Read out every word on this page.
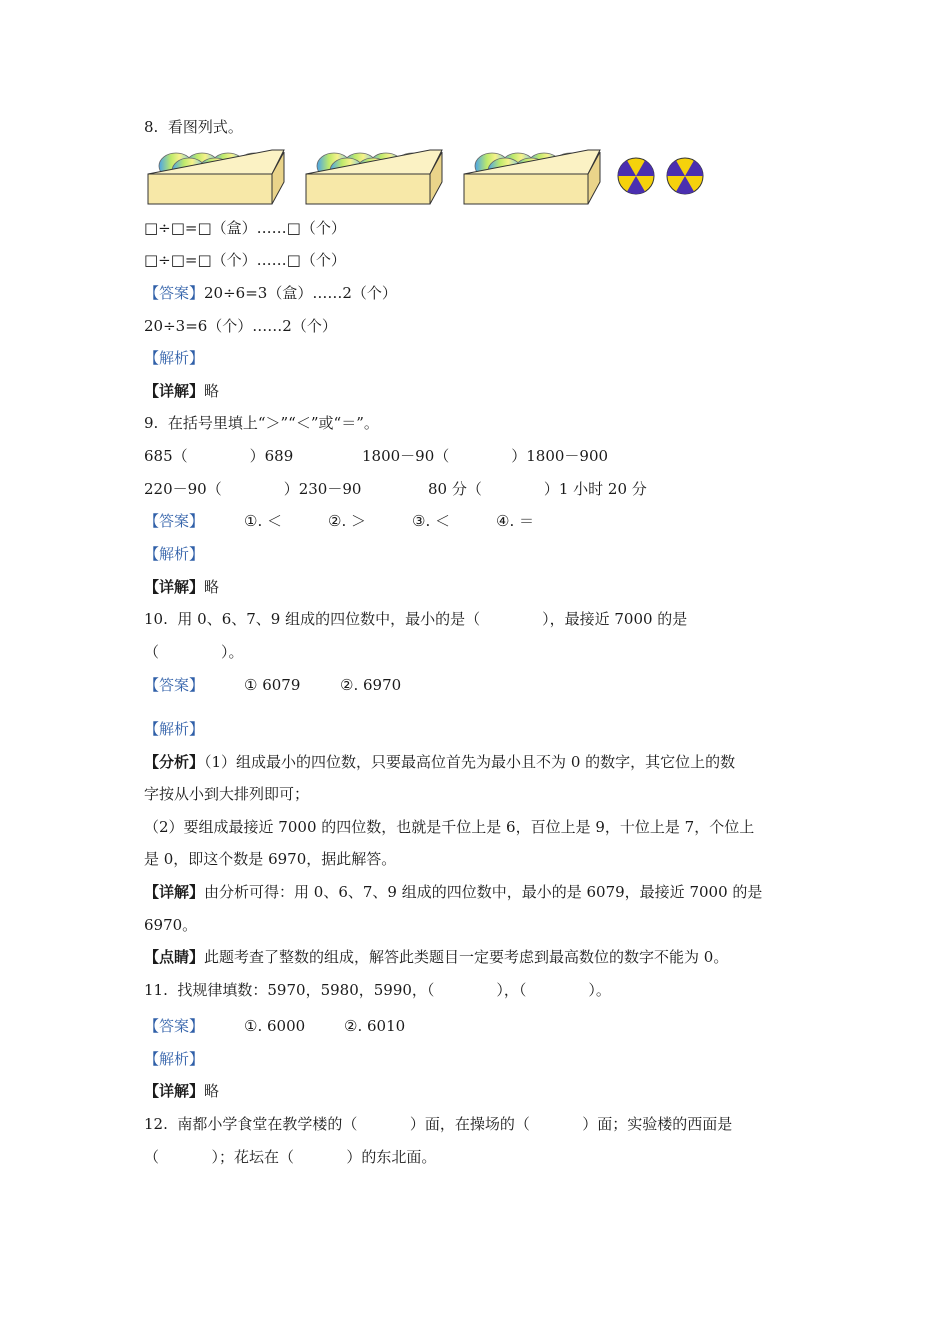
8.  看图列式。
□÷□=□（盒）……□（个）
□÷□=□（个）……□（个）
【答案】20÷6=3（盒）……2（个）
20÷3=6（个）……2（个）
【解析】
【详解】略
9.  在括号里填上“＞”“＜”或“＝”。
685（             ）689	1800－90（             ）1800－900
220－90（             ）230－90	80 分（             ）1 小时 20 分
【答案】	①. ＜	②. ＞	③. ＜	④. ＝
【解析】
【详解】略
10.  用 0、6、7、9 组成的四位数中，最小的是（             ），最接近 7000 的是
（             ）。
【答案】	① 6079	②. 6970
【解析】
【分析】（1）组成最小的四位数，只要最高位首先为最小且不为 0 的数字，其它位上的数
字按从小到大排列即可；
（2）要组成最接近 7000 的四位数，也就是千位上是 6，百位上是 9，十位上是 7，个位上
是 0，即这个数是 6970，据此解答。
【详解】由分析可得：用 0、6、7、9 组成的四位数中，最小的是 6079，最接近 7000 的是
6970。
【点睛】此题考查了整数的组成，解答此类题目一定要考虑到最高数位的数字不能为 0。
11.  找规律填数：5970，5980，5990，（             ），（             ）。
【答案】	①. 6000	②. 6010
【解析】
【详解】略
12.  南都小学食堂在教学楼的（           ）面，在操场的（           ）面；实验楼的西面是
（           ）；花坛在（           ）的东北面。
